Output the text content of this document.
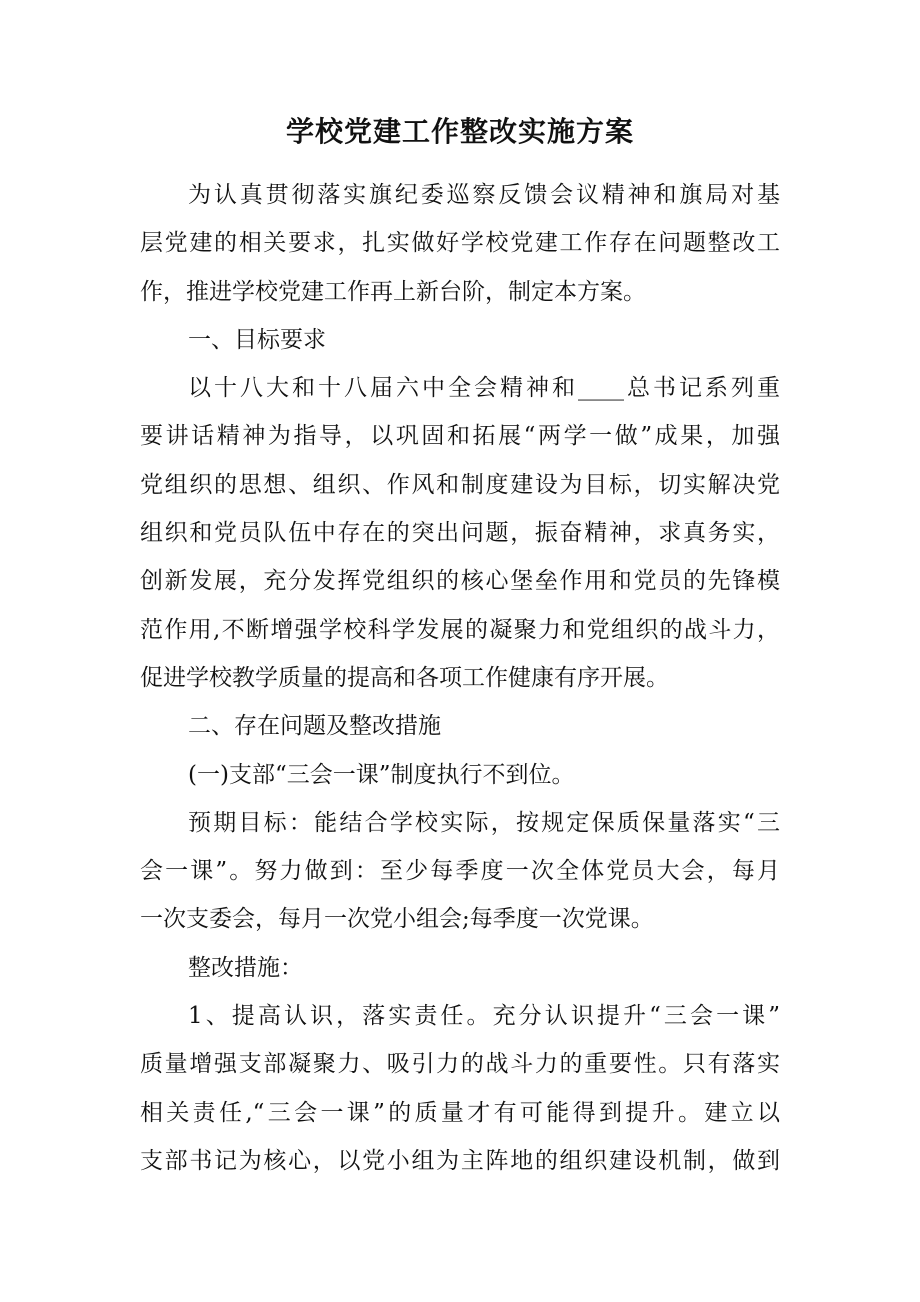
学校党建工作整改实施方案
为认真贯彻落实旗纪委巡察反馈会议精神和旗局对基
层党建的相关要求，扎实做好学校党建工作存在问题整改工
作，推进学校党建工作再上新台阶，制定本方案。
一、目标要求
以十八大和十八届六中全会精神和____总书记系列重
要讲话精神为指导，以巩固和拓展“两学一做”成果，加强
党组织的思想、组织、作风和制度建设为目标，切实解决党
组织和党员队伍中存在的突出问题，振奋精神，求真务实，
创新发展，充分发挥党组织的核心堡垒作用和党员的先锋模
范作用,不断增强学校科学发展的凝聚力和党组织的战斗力，
促进学校教学质量的提高和各项工作健康有序开展。
二、存在问题及整改措施
(一)支部“三会一课”制度执行不到位。
预期目标：能结合学校实际，按规定保质保量落实“三
会一课”。努力做到：至少每季度一次全体党员大会，每月
一次支委会，每月一次党小组会;每季度一次党课。
整改措施：
1、提高认识，落实责任。充分认识提升“三会一课”
质量增强支部凝聚力、吸引力的战斗力的重要性。只有落实
相关责任,“三会一课”的质量才有可能得到提升。建立以
支部书记为核心，以党小组为主阵地的组织建设机制，做到
